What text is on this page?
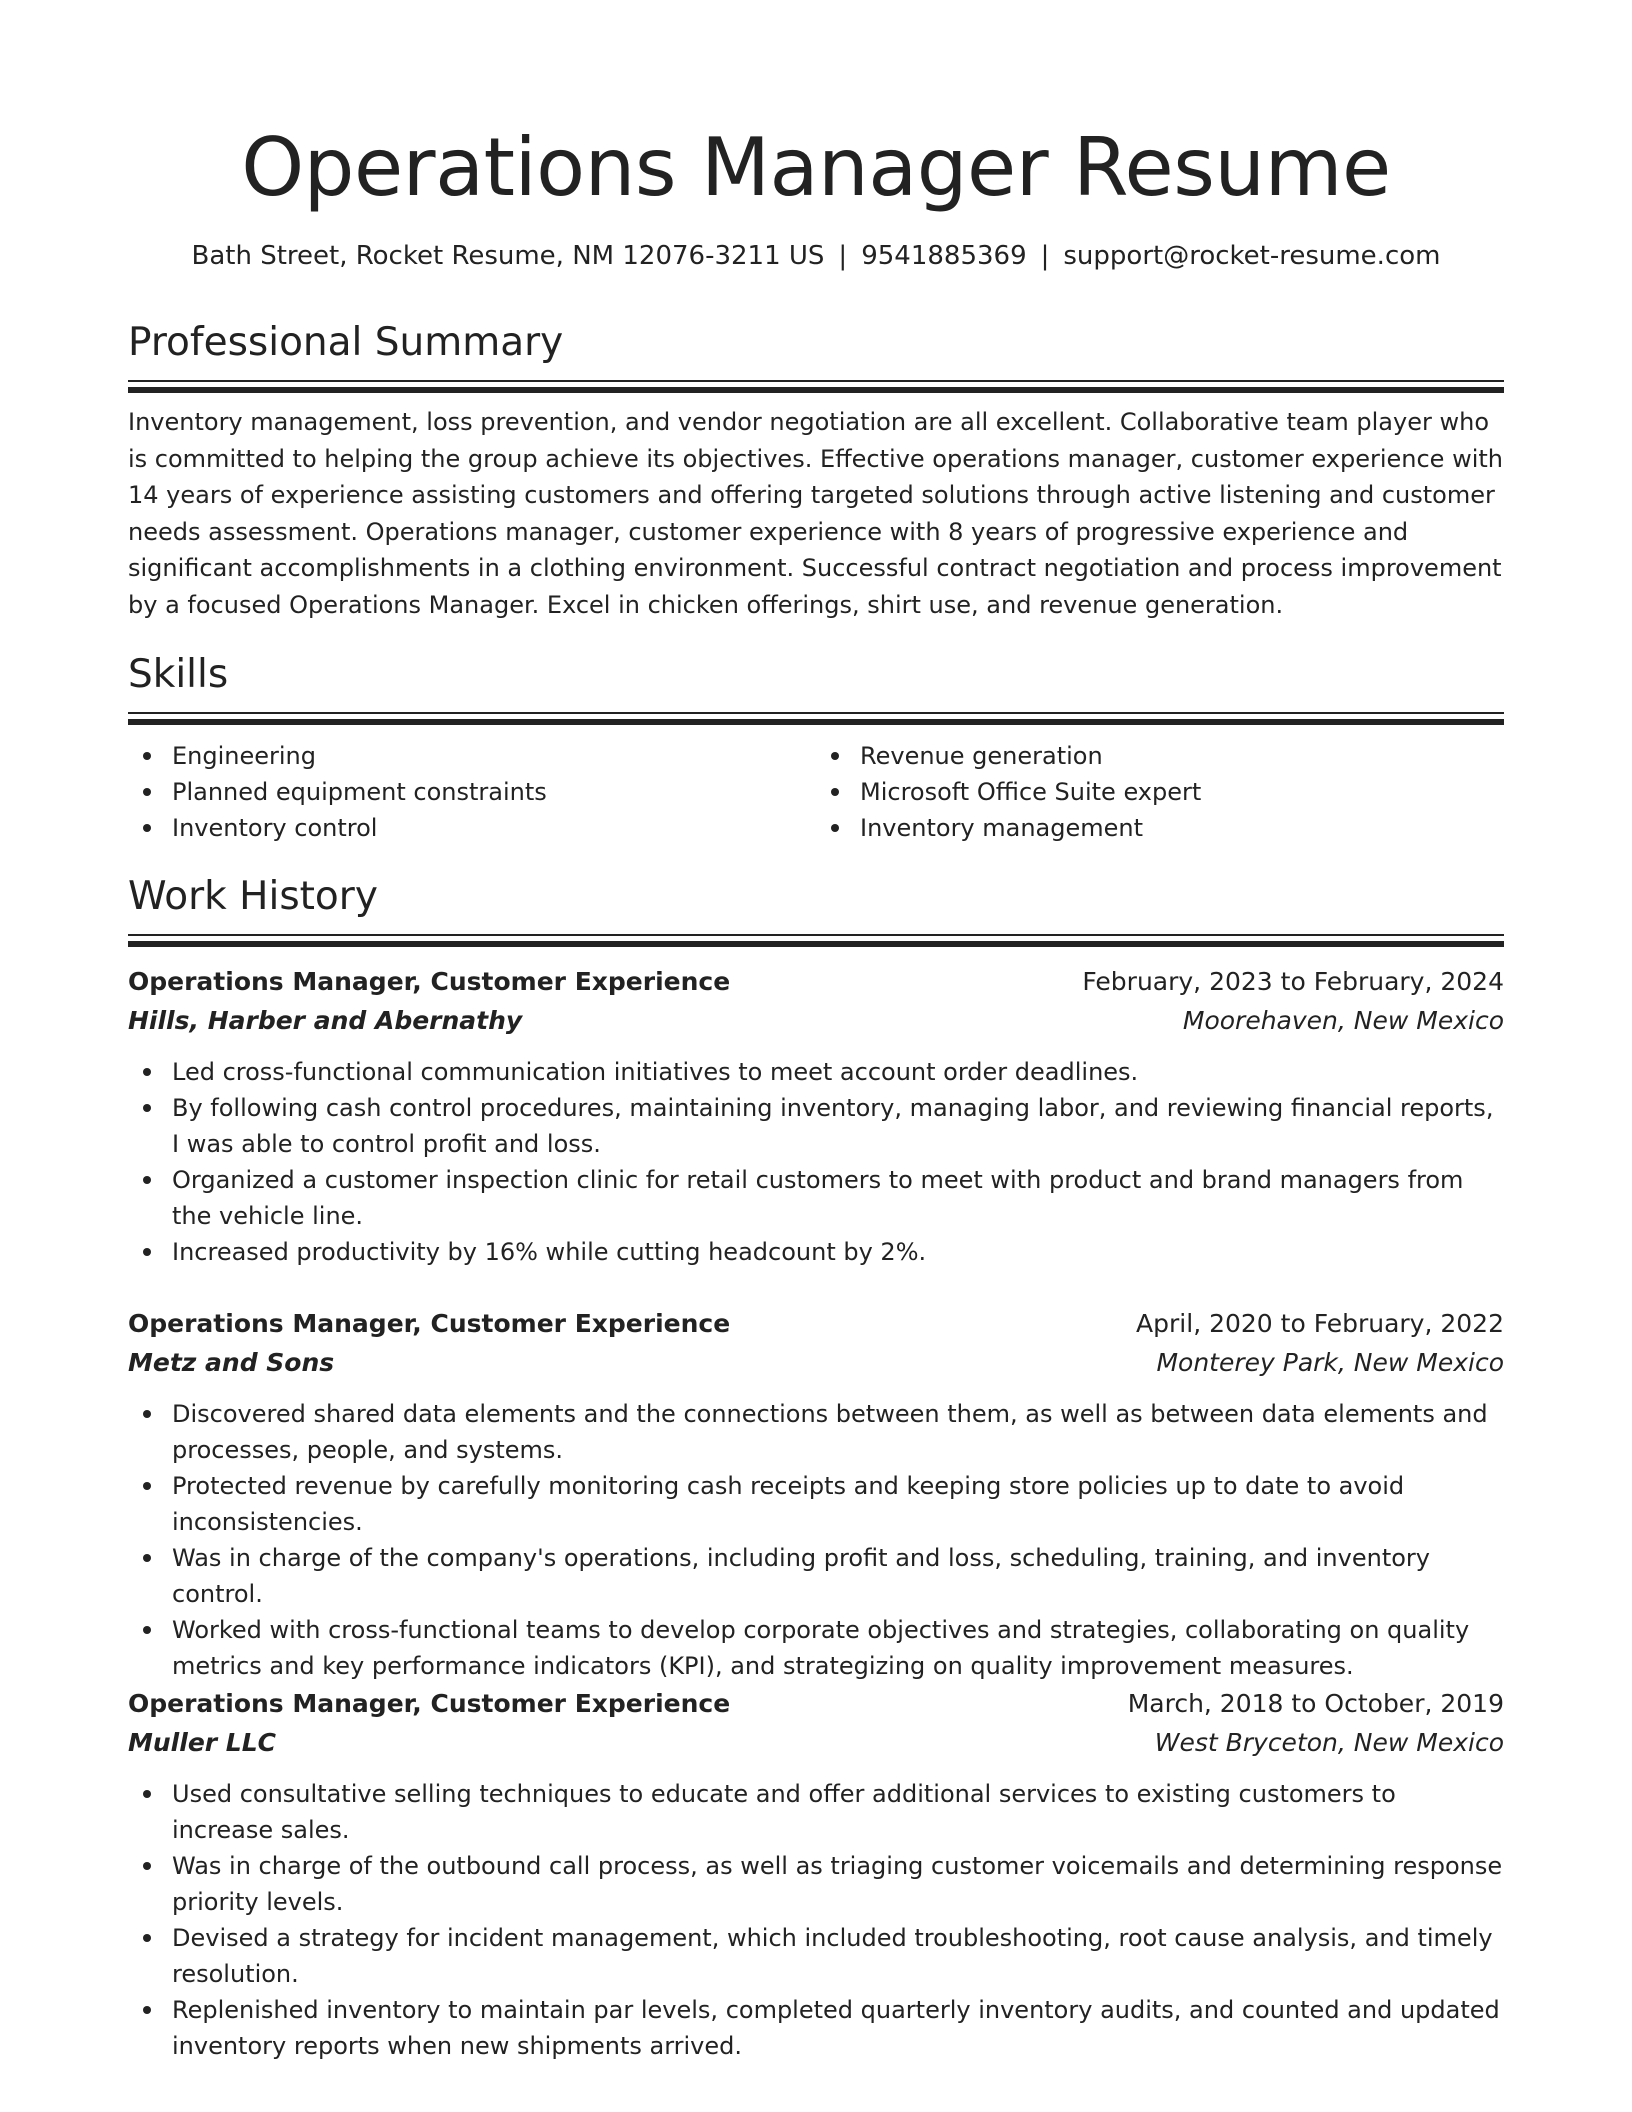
Operations Manager Resume
Bath Street, Rocket Resume, NM 12076-3211 US | 9541885369 | support@rocket-resume.com
Professional Summary

Inventory management, loss prevention, and vendor negotiation are all excellent. Collaborative team player who is committed to helping the group achieve its objectives. Effective operations manager, customer experience with 14 years of experience assisting customers and offering targeted solutions through active listening and customer needs assessment. Operations manager, customer experience with 8 years of progressive experience and significant accomplishments in a clothing environment. Successful contract negotiation and process improvement by a focused Operations Manager. Excel in chicken offerings, shirt use, and revenue generation.

Skills
Engineering
Planned equipment constraints
Inventory control
Revenue generation
Microsoft Office Suite expert
Inventory management
Work History
Operations Manager, Customer Experience	February, 2023 to February, 2024
Hills, Harber and Abernathy	Moorehaven, New Mexico
Led cross-functional communication initiatives to meet account order deadlines.
By following cash control procedures, maintaining inventory, managing labor, and reviewing financial reports, I was able to control profit and loss.
Organized a customer inspection clinic for retail customers to meet with product and brand managers from the vehicle line.
Increased productivity by 16% while cutting headcount by 2%.
Operations Manager, Customer Experience	April, 2020 to February, 2022
Metz and Sons	Monterey Park, New Mexico
Discovered shared data elements and the connections between them, as well as between data elements and processes, people, and systems.
Protected revenue by carefully monitoring cash receipts and keeping store policies up to date to avoid inconsistencies.
Was in charge of the company's operations, including profit and loss, scheduling, training, and inventory control.
Worked with cross-functional teams to develop corporate objectives and strategies, collaborating on quality metrics and key performance indicators (KPI), and strategizing on quality improvement measures.
Operations Manager, Customer Experience	March, 2018 to October, 2019
Muller LLC	West Bryceton, New Mexico
Used consultative selling techniques to educate and offer additional services to existing customers to increase sales.
Was in charge of the outbound call process, as well as triaging customer voicemails and determining response priority levels.
Devised a strategy for incident management, which included troubleshooting, root cause analysis, and timely resolution.
Replenished inventory to maintain par levels, completed quarterly inventory audits, and counted and updated inventory reports when new shipments arrived.
